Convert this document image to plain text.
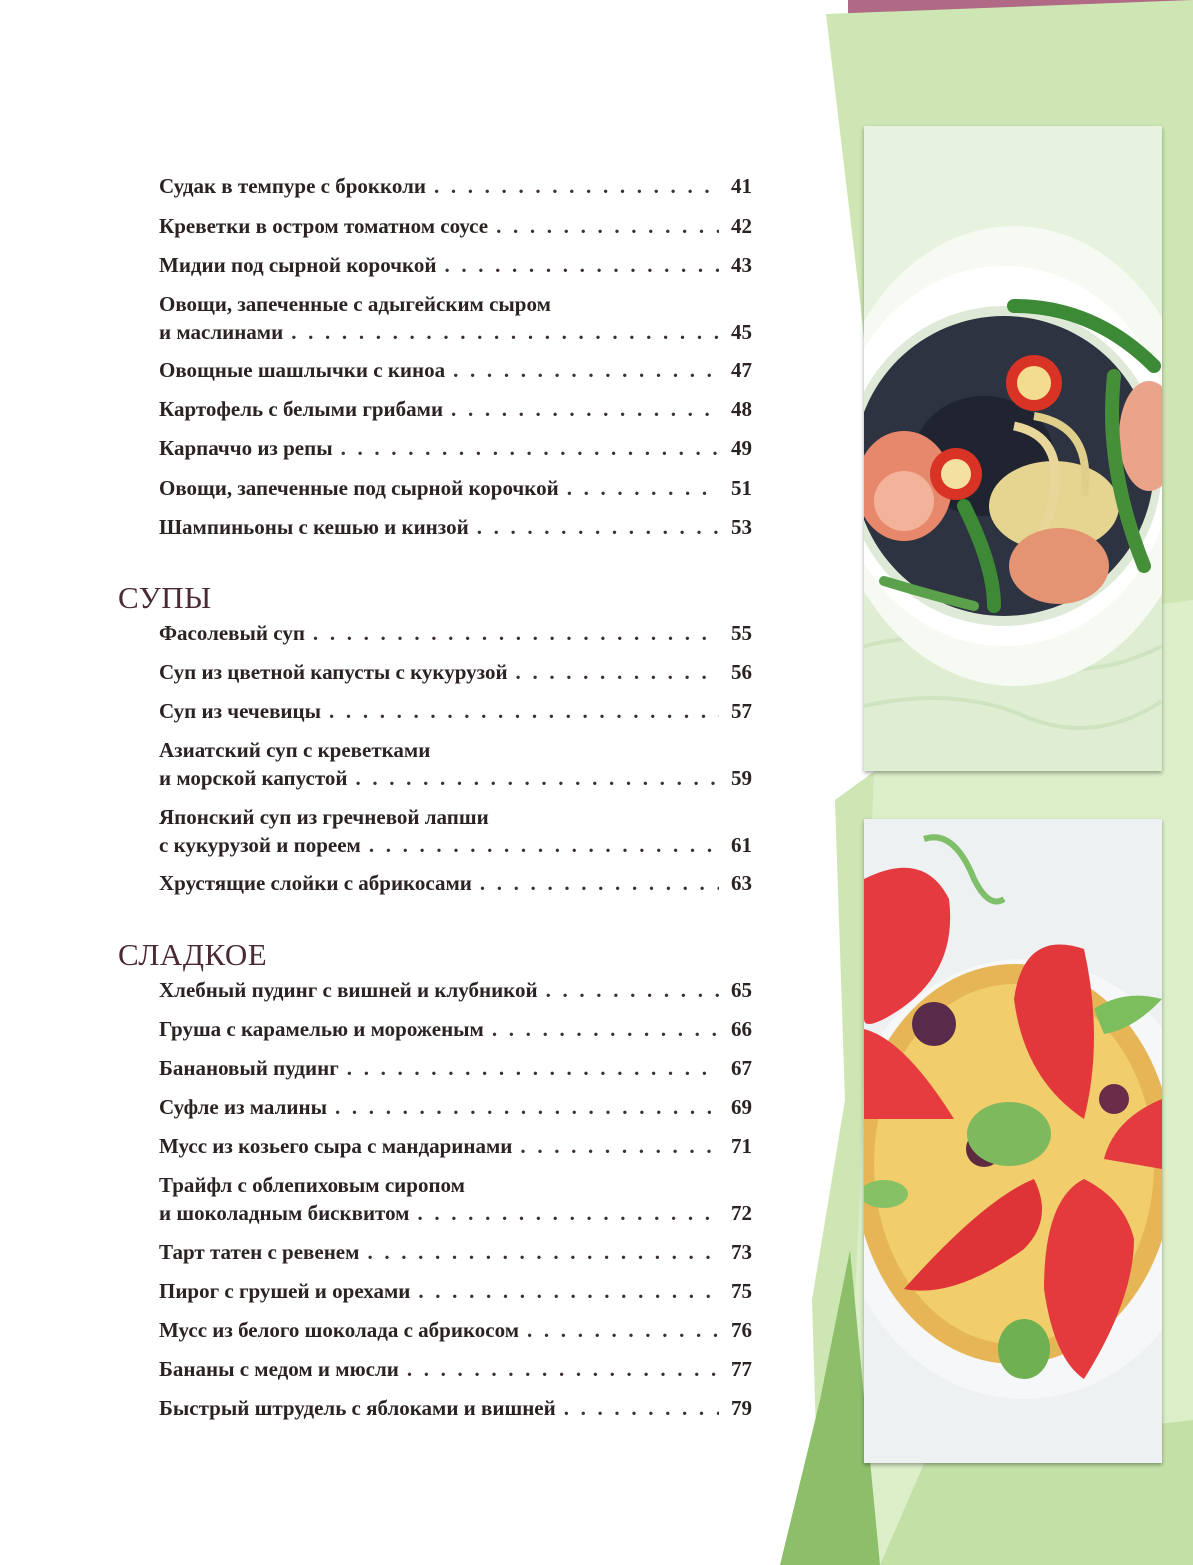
Судак в темпуре с брокколи . . .	41
Креветки в остром томатном соусе . . .	42
Мидии под сырной корочкой . . .	43
Овощи, запеченные с адыгейским сыром
и маслинами . . .	45
Овощные шашлычки с киноа . . .	47
Картофель с белыми грибами . . .	48
Карпаччо из репы . . .	49
Овощи, запеченные под сырной корочкой . . .	51
Шампиньоны с кешью и кинзой . . .	53
СУПЫ
Фасолевый суп . . .	55
Суп из цветной капусты с кукурузой . . .	56
Суп из чечевицы . . .	57
Азиатский суп с креветками
и морской капустой . . .	59
Японский суп из гречневой лапши
с кукурузой и пореем . . .	61
Хрустящие слойки с абрикосами . . .	63
СЛАДКОЕ
Хлебный пудинг с вишней и клубникой . . .	65
Груша с карамелью и мороженым . . .	66
Банановый пудинг . . .	67
Суфле из малины . . .	69
Мусс из козьего сыра с мандаринами . . .	71
Трайфл с облепиховым сиропом
и шоколадным бисквитом . . .	72
Тарт татен с ревенем . . .	73
Пирог с грушей и орехами . . .	75
Мусс из белого шоколада с абрикосом . . .	76
Бананы с медом и мюсли . . .	77
Быстрый штрудель с яблоками и вишней . . .	79
